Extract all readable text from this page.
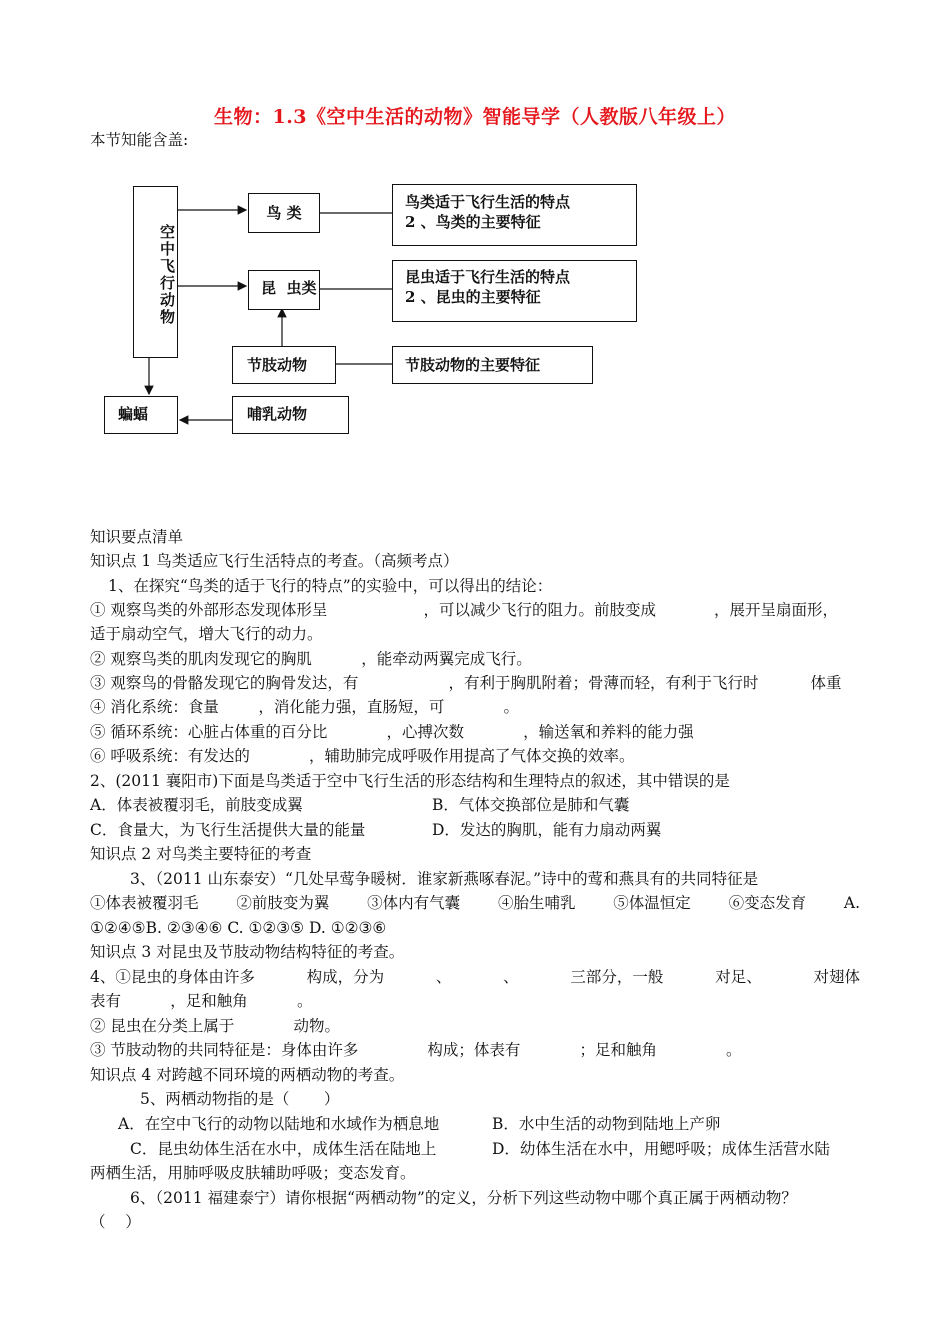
生物：1.3《空中生活的动物》智能导学（人教版八年级上）
本节知能含盖:
空中飞行动物
鸟 类
昆  虫类
鸟类适于飞行生活的特点
2 、鸟类的主要特征
昆虫适于飞行生活的特点
2 、昆虫的主要特征
节肢动物	节肢动物的主要特征
蝙蝠	哺乳动物
知识要点清单
知识点 1 鸟类适应飞行生活特点的考查。（高频考点）
1、在探究“鸟类的适于飞行的特点”的实验中，可以得出的结论：
① 观察鸟类的外部形态发现体形呈	，可以减少飞行的阻力。前肢变成	，展开呈扇面形，
适于扇动空气，增大飞行的动力。
② 观察鸟类的肌肉发现它的胸肌          ，能牵动两翼完成飞行。
③ 观察鸟的骨骼发现它的胸骨发达，有	，有利于胸肌附着；骨薄而轻，有利于飞行时	体重
④ 消化系统：食量        ，消化能力强，直肠短，可            。
⑤ 循环系统：心脏占体重的百分比            ，心搏次数            ，输送氧和养料的能力强
⑥ 呼吸系统：有发达的            ，辅助肺完成呼吸作用提高了气体交换的效率。
2、(2011 襄阳市)下面是鸟类适于空中飞行生活的形态结构和生理特点的叙述，其中错误的是
A．体表被覆羽毛，前肢变成翼	B．气体交换部位是肺和气囊
C．食量大，为飞行生活提供大量的能量	D．发达的胸肌，能有力扇动两翼
知识点 2 对鸟类主要特征的考查
3、（2011 山东泰安）“几处早莺争暖树．谁家新燕啄春泥。”诗中的莺和燕具有的共同特征是
①体表被覆羽毛 ②前肢变为翼 ③体内有气囊 ④胎生哺乳 ⑤体温恒定 ⑥变态发育 A.
①②④⑤B. ②③④⑥ C. ①②③⑤ D. ①②③⑥
知识点 3 对昆虫及节肢动物结构特征的考查。
4、①昆虫的身体由许多	构成，分为	、	、	三部分，一般	对足、	对翅体
表有          ，足和触角          。
② 昆虫在分类上属于            动物。
③ 节肢动物的共同特征是：身体由许多              构成；体表有            ；足和触角              。
知识点 4 对跨越不同环境的两栖动物的考查。
5、两栖动物指的是（       ）
A．在空中飞行的动物以陆地和水域作为栖息地	B．水中生活的动物到陆地上产卵
C．昆虫幼体生活在水中，成体生活在陆地上	D．幼体生活在水中，用鳃呼吸；成体生活营水陆
两栖生活，用肺呼吸皮肤辅助呼吸；变态发育。
6、（2011 福建泰宁）请你根据“两栖动物”的定义，分析下列这些动物中哪个真正属于两栖动物？
（    ）
